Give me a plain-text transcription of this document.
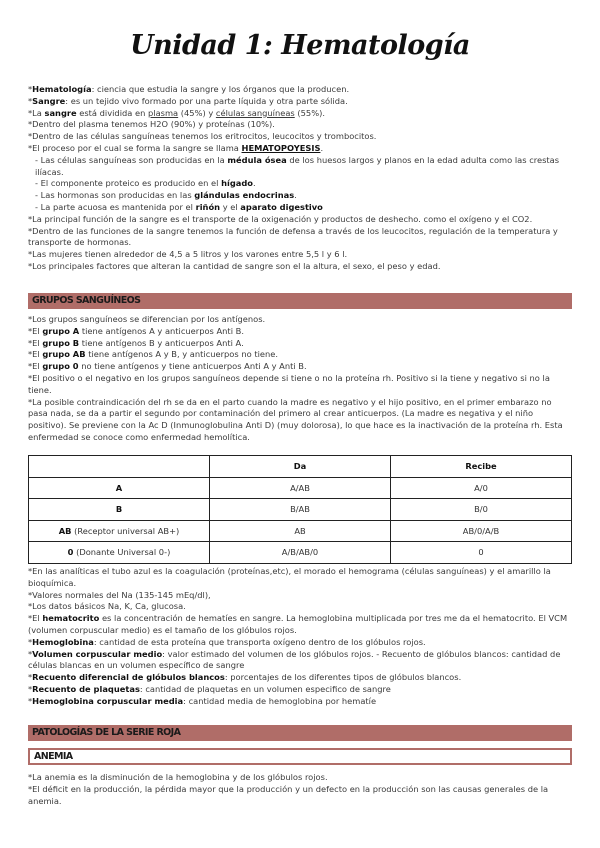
Unidad 1: Hematología
*Hematología: ciencia que estudia la sangre y los órganos que la producen.
*Sangre: es un tejido vivo formado por una parte líquida y otra parte sólida.
*La sangre está dividida en plasma (45%) y células sanguíneas (55%).
*Dentro del plasma tenemos H2O (90%) y proteínas (10%).
*Dentro de las células sanguíneas tenemos los eritrocitos, leucocitos y trombocitos.
*El proceso por el cual se forma la sangre se llama HEMATOPOYESIS.
- Las células sanguíneas son producidas en la médula ósea de los huesos largos y planos en la edad adulta como las crestas ilíacas.
- El componente proteico es producido en el hígado.
- Las hormonas son producidas en las glándulas endocrinas.
- La parte acuosa es mantenida por el riñón y el aparato digestivo
*La principal función de la sangre es el transporte de la oxigenación y productos de deshecho. como el oxígeno y el CO2.
*Dentro de las funciones de la sangre tenemos la función de defensa a través de los leucocitos, regulación de la temperatura y transporte de hormonas.
*Las mujeres tienen alrededor de 4,5 a 5 litros y los varones entre 5,5 l y 6 l.
*Los principales factores que alteran la cantidad de sangre son el la altura, el sexo, el peso y edad.
GRUPOS SANGUÍNEOS
*Los grupos sanguíneos se diferencian por los antígenos.
*El grupo A tiene antígenos A y anticuerpos Anti B.
*El grupo B tiene antígenos B y anticuerpos Anti A.
*El grupo AB tiene antígenos A y B, y anticuerpos no tiene.
*El grupo 0 no tiene antígenos y tiene anticuerpos Anti A y Anti B.
*El positivo o el negativo en los grupos sanguíneos depende si tiene o no la proteína rh. Positivo si la tiene y negativo si no la tiene.
*La posible contraindicación del rh se da en el parto cuando la madre es negativo y el hijo positivo, en el primer embarazo no pasa nada, se da a partir el segundo por contaminación del primero al crear anticuerpos. (La madre es negativa y el niño positivo). Se previene con la Ac D (Inmunoglobulina Anti D) (muy dolorosa), lo que hace es la inactivación de la proteína rh. Esta enfermedad se conoce como enfermedad hemolítica.
	Da	Recibe
A	A/AB	A/0
B	B/AB	B/0
AB (Receptor universal AB+)	AB	AB/0/A/B
0 (Donante Universal 0-)	A/B/AB/0	0
*En las analíticas el tubo azul es la coagulación (proteínas,etc), el morado el hemograma (células sanguíneas) y el amarillo la bioquímica.
*Valores normales del Na (135-145 mEq/dl),
*Los datos básicos Na, K, Ca, glucosa.
*El hematocrito es la concentración de hematíes en sangre. La hemoglobina multiplicada por tres me da el hematocrito. El VCM (volumen corpuscular medio) es el tamaño de los glóbulos rojos.
*Hemoglobina: cantidad de esta proteína que transporta oxígeno dentro de los glóbulos rojos.
*Volumen corpuscular medio: valor estimado del volumen de los glóbulos rojos. - Recuento de glóbulos blancos: cantidad de células blancas en un volumen específico de sangre
*Recuento diferencial de glóbulos blancos: porcentajes de los diferentes tipos de glóbulos blancos.
*Recuento de plaquetas: cantidad de plaquetas en un volumen especifico de sangre
*Hemoglobina corpuscular media: cantidad media de hemoglobina por hematíe
PATOLOGÍAS DE LA SERIE ROJA
ANEMIA
*La anemia es la disminución de la hemoglobina y de los glóbulos rojos.
*El déficit en la producción, la pérdida mayor que la producción y un defecto en la producción son las causas generales de la anemia.
